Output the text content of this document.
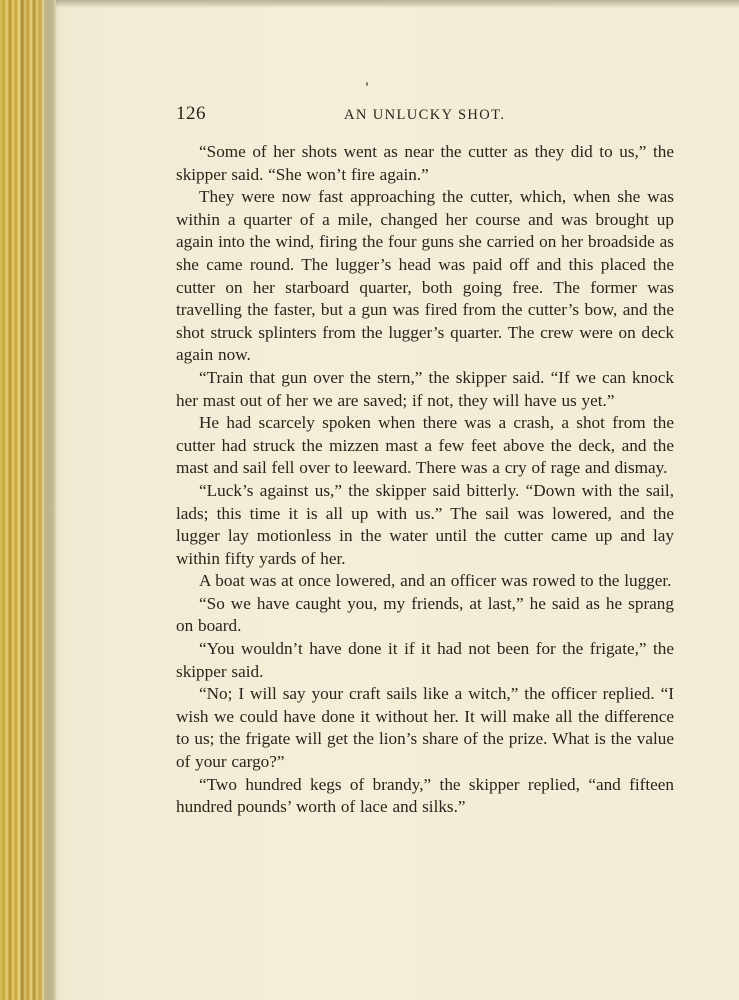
126	AN UNLUCKY SHOT.

“Some of her shots went as near the cutter as they did to us,” the skipper said. “She won’t fire again.”

They were now fast approaching the cutter, which, when she was within a quarter of a mile, changed her course and was brought up again into the wind, firing the four guns she carried on her broadside as she came round. The lugger’s head was paid off and this placed the cutter on her starboard quarter, both going free. The former was travelling the faster, but a gun was fired from the cutter’s bow, and the shot struck splinters from the lugger’s quarter. The crew were on deck again now.

“Train that gun over the stern,” the skipper said. “If we can knock her mast out of her we are saved; if not, they will have us yet.”

He had scarcely spoken when there was a crash, a shot from the cutter had struck the mizzen mast a few feet above the deck, and the mast and sail fell over to leeward. There was a cry of rage and dismay.

“Luck’s against us,” the skipper said bitterly. “Down with the sail, lads; this time it is all up with us.” The sail was lowered, and the lugger lay motionless in the water until the cutter came up and lay within fifty yards of her.

A boat was at once lowered, and an officer was rowed to the lugger.

“So we have caught you, my friends, at last,” he said as he sprang on board.

“You wouldn’t have done it if it had not been for the frigate,” the skipper said.

“No; I will say your craft sails like a witch,” the officer replied. “I wish we could have done it without her. It will make all the difference to us; the frigate will get the lion’s share of the prize. What is the value of your cargo?”

“Two hundred kegs of brandy,” the skipper replied, “and fifteen hundred pounds’ worth of lace and silks.”
